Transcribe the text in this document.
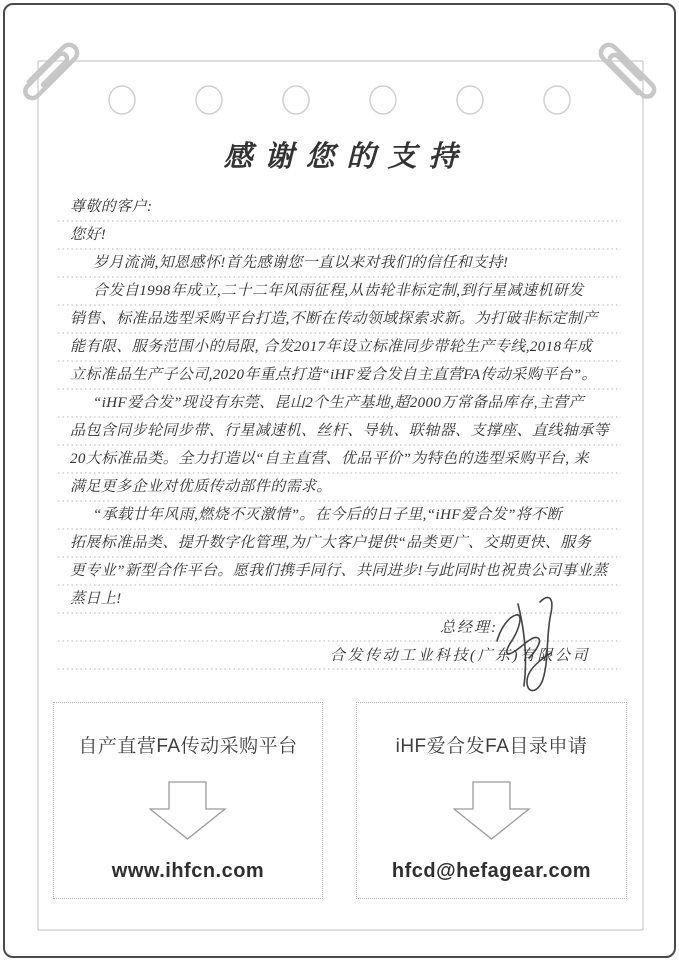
感谢您的支持
尊敬的客户:
您好!
岁月流淌,知恩感怀!首先感谢您一直以来对我们的信任和支持!
合发自1998年成立,二十二年风雨征程,从齿轮非标定制,到行星减速机研发
销售、标准品选型采购平台打造,不断在传动领域探索求新。为打破非标定制产
能有限、服务范围小的局限, 合发2017年设立标准同步带轮生产专线,2018年成
立标准品生产子公司,2020年重点打造“iHF爱合发自主直营FA传动采购平台”。
“iHF爱合发”现设有东莞、昆山2个生产基地,超2000万常备品库存,主营产
品包含同步轮同步带、行星减速机、丝杆、导轨、联轴器、支撑座、直线轴承等
20大标准品类。全力打造以“自主直营、优品平价”为特色的选型采购平台, 来
满足更多企业对优质传动部件的需求。
“承载廿年风雨,燃烧不灭激情”。在今后的日子里,“iHF爱合发”将不断
拓展标准品类、提升数字化管理,为广大客户提供“品类更广、交期更快、服务
更专业”新型合作平台。愿我们携手同行、共同进步!与此同时也祝贵公司事业蒸
蒸日上!
总经理:
合发传动工业科技(广东)有限公司
自产直营FA传动采购平台
www.ihfcn.com
iHF爱合发FA目录申请
hfcd@hefagear.com
